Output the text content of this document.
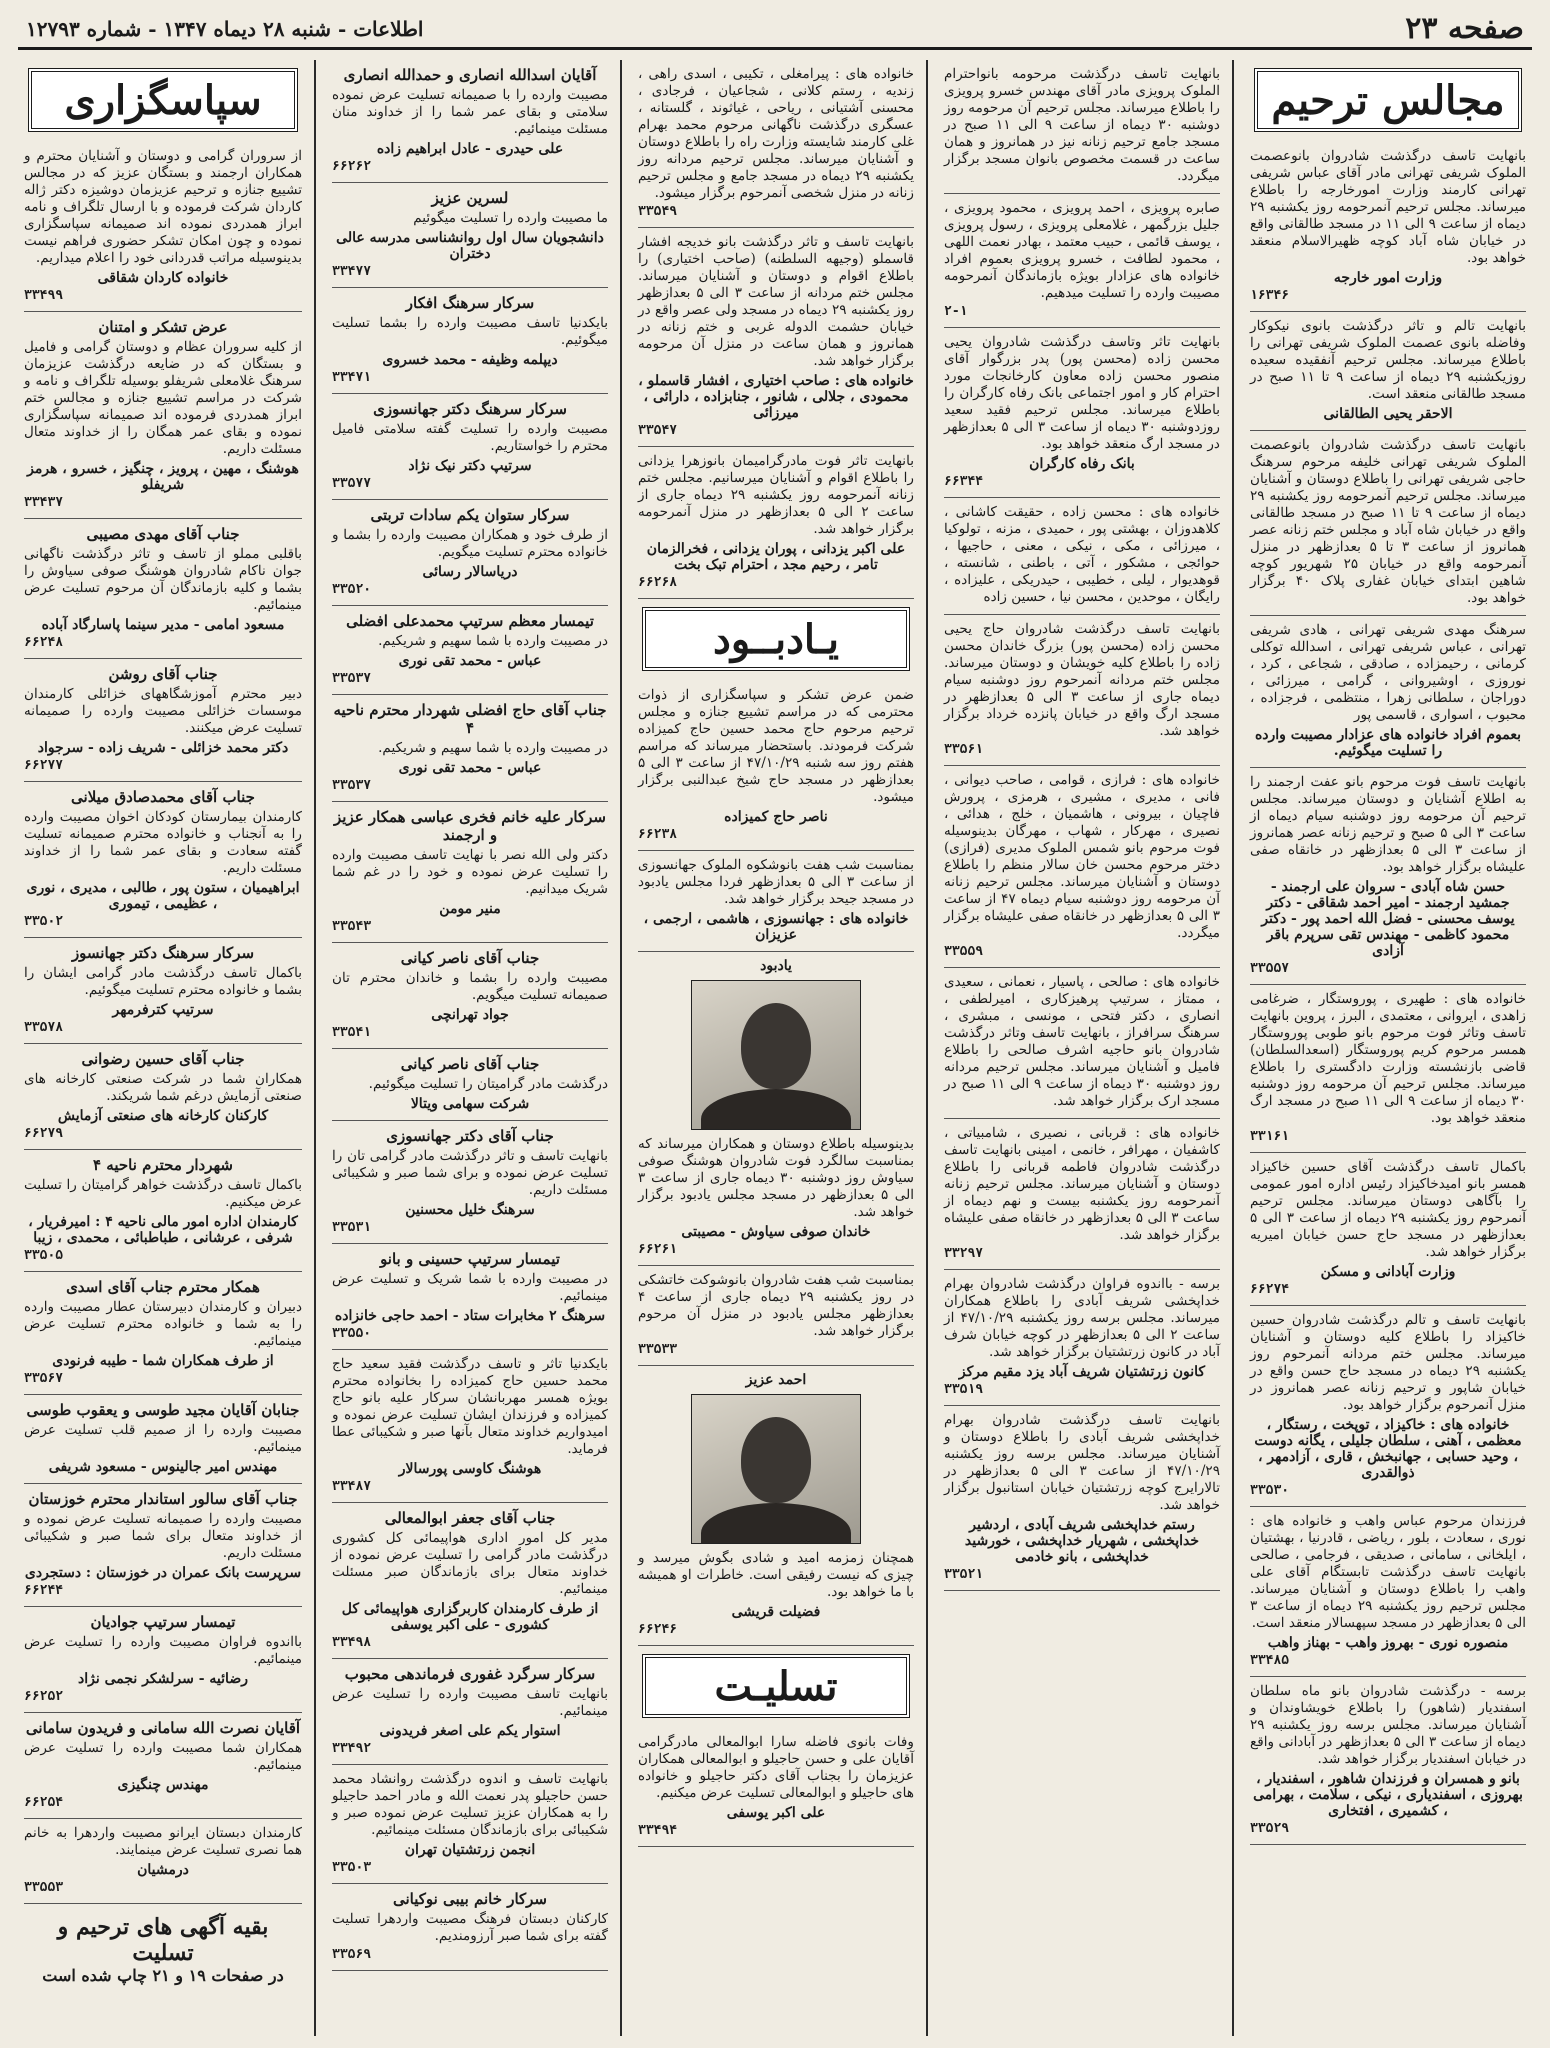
صفحه ۲۳
اطلاعات - شنبه ۲۸ دیماه ۱۳۴۷ - شماره ۱۲۷۹۳
مجالس ترحیم

بانهایت تاسف درگذشت شادروان بانوعصمت الملوک شریفی تهرانی مادر آقای عباس شریفی تهرانی کارمند وزارت امورخارجه را باطلاع میرساند. مجلس ترحیم آنمرحومه روز یکشنبه ۲۹ دیماه از ساعت ۹ الی ۱۱ در مسجد طالقانی واقع در خیابان شاه آباد کوچه ظهیرالاسلام منعقد خواهد بود.

وزارت امور خارجه
۱۶۳۴۶

بانهایت تالم و تاثر درگذشت بانوی نیکوکار وفاضله بانوی عصمت الملوک شریفی تهرانی را باطلاع میرساند. مجلس ترحیم آنفقیده سعیده روزیکشنبه ۲۹ دیماه از ساعت ۹ تا ۱۱ صبح در مسجد طالقانی منعقد است.

الاحقر یحیی الطالقانی

بانهایت تاسف درگذشت شادروان بانوعصمت الملوک شریفی تهرانی خلیفه مرحوم سرهنگ حاجی شریفی تهرانی را باطلاع دوستان و آشنایان میرساند. مجلس ترحیم آنمرحومه روز یکشنبه ۲۹ دیماه از ساعت ۹ تا ۱۱ صبح در مسجد طالقانی واقع در خیابان شاه آباد و مجلس ختم زنانه عصر همانروز از ساعت ۳ تا ۵ بعدازظهر در منزل آنمرحومه واقع در خیابان ۲۵ شهریور کوچه شاهین ابتدای خیابان غفاری پلاک ۴۰ برگزار خواهد بود.

سرهنگ مهدی شریفی تهرانی ، هادی شریفی تهرانی ، عباس شریفی تهرانی ، اسدالله توکلی کرمانی ، رحیمزاده ، صادقی ، شجاعی ، کرد ، نوروزی ، اوشیروانی ، گرامی ، میرزائی ، دوراجان ، سلطانی زهرا ، منتظمی ، فرجزاده ، محبوب ، اسواری ، قاسمی پور

بعموم افراد خانواده های عزادار مصیبت وارده را تسلیت میگوئیم.

بانهایت تاسف فوت مرحوم بانو عفت ارجمند را به اطلاع آشنایان و دوستان میرساند. مجلس ترحیم آن مرحومه روز دوشنبه سیام دیماه از ساعت ۳ الی ۵ صبح و ترحیم زنانه عصر همانروز از ساعت ۳ الی ۵ بعدازظهر در خانقاه صفی علیشاه برگزار خواهد بود.

حسن شاه آبادی - سروان علی ارجمند - جمشید ارجمند - امیر احمد شقاقی - دکتر یوسف محسنی - فضل الله احمد پور - دکتر محمود کاظمی - مهندس تقی سرپرم باقر آزادی
۳۳۵۵۷

خانواده های : طهیری ، پوروستگار ، ضرغامی زاهدی ، ایروانی ، معتمدی ، البرز ، پروین بانهایت تاسف وتاثر فوت مرحوم بانو طوبی پوروستگار همسر مرحوم کریم پوروستگار (اسعدالسلطان) قاضی بازنشسته وزارت دادگستری را باطلاع میرساند. مجلس ترحیم آن مرحومه روز دوشنبه ۳۰ دیماه از ساعت ۹ الی ۱۱ صبح در مسجد ارگ منعقد خواهد بود.

۳۳۱۶۱

باکمال تاسف درگذشت آقای حسین خاکیزاد همسر بانو امیدخاکیزاد رئیس اداره امور عمومی را بآگاهی دوستان میرساند. مجلس ترحیم آنمرحوم روز یکشنبه ۲۹ دیماه از ساعت ۳ الی ۵ بعدازظهر در مسجد حاج حسن خیابان امیریه برگزار خواهد شد.

وزارت آبادانی و مسکن
۶۶۲۷۴

بانهایت تاسف و تالم درگذشت شادروان حسین خاکیزاد را باطلاع کلیه دوستان و آشنایان میرساند. مجلس ختم مردانه آنمرحوم روز یکشنبه ۲۹ دیماه در مسجد حاج حسن واقع در خیابان شاپور و ترحیم زنانه عصر همانروز در منزل آنمرحوم برگزار خواهد بود.

خانواده های : خاکیزاد ، توپخت ، رستگار ، معظمی ، آهنی ، سلطان جلیلی ، یگانه دوست ، وحید حسابی ، جهانبخش ، قاری ، آزادمهر ، ذوالقدری
۳۳۵۳۰

فرزندان مرحوم عباس واهب و خانواده های : نوری ، سعادت ، بلور ، ریاضی ، قادرنیا ، بهشتیان ، ایلخانی ، سامانی ، صدیقی ، فرجامی ، صالحی بانهایت تاسف درگذشت تابستگام آقای علی واهب را باطلاع دوستان و آشنایان میرساند. مجلس ترحیم روز یکشنبه ۲۹ دیماه از ساعت ۳ الی ۵ بعدازظهر در مسجد سپهسالار منعقد است.

منصوره نوری - بهروز واهب - بهناز واهب
۳۳۴۸۵

برسه - درگذشت شادروان بانو ماه سلطان اسفندیار (شاهور) را باطلاع خویشاوندان و آشنایان میرساند. مجلس برسه روز یکشنبه ۲۹ دیماه از ساعت ۳ الی ۵ بعدازظهر در آبادانی واقع در خیابان اسفندیار برگزار خواهد شد.

بانو و همسران و فرزندان شاهور ، اسفندیار ، بهروزی ، اسفندیاری ، نیکی ، سلامت ، بهرامی ، کشمیری ، افتخاری
۳۳۵۲۹

بانهایت تاسف درگذشت مرحومه بانواحترام الملوک پرویزی مادر آقای مهندس خسرو پرویزی را باطلاع میرساند. مجلس ترحیم آن مرحومه روز دوشنبه ۳۰ دیماه از ساعت ۹ الی ۱۱ صبح در مسجد جامع ترحیم زنانه نیز در همانروز و همان ساعت در قسمت مخصوص بانوان مسجد برگزار میگردد.

صابره پرویزی ، احمد پرویزی ، محمود پرویزی ، جلیل بزرگمهر ، غلامعلی پرویزی ، رسول پرویزی ، یوسف قائمی ، حبیب معتمد ، بهادر نعمت اللهی ، محمود لطافت ، خسرو پرویزی بعموم افراد خانواده های عزادار بویژه بازماندگان آنمرحومه مصیبت وارده را تسلیت میدهیم.

۲-۱

بانهایت تاثر وتاسف درگذشت شادروان یحیی محسن زاده (محسن پور) پدر بزرگوار آقای منصور محسن زاده معاون کارخانجات مورد احترام کار و امور اجتماعی بانک رفاه کارگران را باطلاع میرساند. مجلس ترحیم فقید سعید روزدوشنبه ۳۰ دیماه از ساعت ۳ الی ۵ بعدازظهر در مسجد ارگ منعقد خواهد بود.

بانک رفاه کارگران
۶۶۳۴۴

خانواده های : محسن زاده ، حقیقت کاشانی ، کلاهدوزان ، بهشتی پور ، حمیدی ، مزنه ، تولوکیا ، میرزائی ، مکی ، نیکی ، معنی ، حاجیها ، حوائجی ، مشکور ، آتی ، باطنی ، شانسته ، قوهدیوار ، لیلی ، خطیبی ، حیدریکی ، علیزاده ، رایگان ، موحدین ، محسن نیا ، حسین زاده

بانهایت تاسف درگذشت شادروان حاج یحیی محسن زاده (محسن پور) بزرگ خاندان محسن زاده را باطلاع کلیه خویشان و دوستان میرساند. مجلس ختم مردانه آنمرحوم روز دوشنبه سیام دیماه جاری از ساعت ۳ الی ۵ بعدازظهر در مسجد ارگ واقع در خیابان پانزده خرداد برگزار خواهد شد.

۳۳۵۶۱

خانواده های : فرازی ، قوامی ، صاحب دیوانی ، فانی ، مدیری ، مشیری ، هرمزی ، پرورش فاچیان ، بیرونی ، هاشمیان ، خلج ، هدائی ، نصیری ، مهرکار ، شهاب ، مهرگان بدینوسیله فوت مرحوم بانو شمس الملوک مدیری (فرازی) دختر مرحوم محسن خان سالار منظم را باطلاع دوستان و آشنایان میرساند. مجلس ترحیم زنانه آن مرحومه روز دوشنبه سیام دیماه ۴۷ از ساعت ۳ الی ۵ بعدازظهر در خانقاه صفی علیشاه برگزار میگردد.

۳۳۵۵۹

خانواده های : صالحی ، پاسیار ، نعمانی ، سعیدی ، ممتاز ، سرتیپ پرهیزکاری ، امیرلطفی ، انصاری ، دکتر فتحی ، مونسی ، مبشری ، سرهنگ سرافراز ، بانهایت تاسف وتاثر درگذشت شادروان بانو حاجیه اشرف صالحی را باطلاع فامیل و آشنایان میرساند. مجلس ترحیم مردانه روز دوشنبه ۳۰ دیماه از ساعت ۹ الی ۱۱ صبح در مسجد ارک برگزار خواهد شد.

خانواده های : قربانی ، نصیری ، شامبیاتی ، کاشفیان ، مهرافر ، خانمی ، امینی بانهایت تاسف درگذشت شادروان فاطمه قربانی را باطلاع دوستان و آشنایان میرساند. مجلس ترحیم زنانه آنمرحومه روز یکشنبه بیست و نهم دیماه از ساعت ۳ الی ۵ بعدازظهر در خانقاه صفی علیشاه برگزار خواهد شد.

۳۳۲۹۷

برسه - بااندوه فراوان درگذشت شادروان بهرام خداپخشی شریف آبادی را باطلاع همکاران میرساند. مجلس برسه روز یکشنبه ۴۷/۱۰/۲۹ از ساعت ۲ الی ۵ بعدازظهر در کوچه خیابان شرف آباد در کانون زرتشتیان برگزار خواهد شد.

کانون زرتشتیان شریف آباد یزد مقیم مرکز
۳۳۵۱۹

بانهایت تاسف درگذشت شادروان بهرام خداپخشی شریف آبادی را باطلاع دوستان و آشنایان میرساند. مجلس برسه روز یکشنبه ۴۷/۱۰/۲۹ از ساعت ۳ الی ۵ بعدازظهر در تالارایرج کوچه زرتشتیان خیابان استانبول برگزار خواهد شد.

رستم خداپخشی شریف آبادی ، اردشیر خداپخشی ، شهریار خداپخشی ، خورشید خداپخشی ، بانو خادمی
۳۳۵۲۱

خانواده های : پیرامغلی ، تکیبی ، اسدی راهی ، زندیه ، رستم کلانی ، شجاعیان ، فرجادی ، محسنی آشتیانی ، ریاحی ، غیاثوند ، گلستانه ، عسگری درگذشت ناگهانی مرحوم محمد بهرام غلی کارمند شایسته وزارت راه را باطلاع دوستان و آشنایان میرساند. مجلس ترحیم مردانه روز یکشنبه ۲۹ دیماه در مسجد جامع و مجلس ترحیم زنانه در منزل شخصی آنمرحوم برگزار میشود.

۳۳۵۴۹

بانهایت تاسف و تاثر درگذشت بانو خدیجه افشار قاسملو (وجیهه السلطنه) (صاحب اختیاری) را باطلاع اقوام و دوستان و آشنایان میرساند. مجلس ختم مردانه از ساعت ۳ الی ۵ بعدازظهر روز یکشنبه ۲۹ دیماه در مسجد ولی عصر واقع در خیابان حشمت الدوله غربی و ختم زنانه در همانروز و همان ساعت در منزل آن مرحومه برگزار خواهد شد.

خانواده های : صاحب اختیاری ، افشار قاسملو ، محمودی ، جلالی ، شانور ، جنابزاده ، دارائی ، میرزائی
۳۳۵۴۷

بانهایت تاثر فوت مادرگرامیمان بانوزهرا یزدانی را باطلاع اقوام و آشنایان میرسانیم. مجلس ختم زنانه آنمرحومه روز یکشنبه ۲۹ دیماه جاری از ساعت ۲ الی ۵ بعدازظهر در منزل آنمرحومه برگزار خواهد شد.

علی اکبر یزدانی ، پوران یزدانی ، فخرالزمان تامر ، رحیم مجد ، احترام تبک بخت
۶۶۲۶۸
یـادبــود

ضمن عرض تشکر و سپاسگزاری از ذوات محترمی که در مراسم تشییع جنازه و مجلس ترحیم مرحوم حاج محمد حسین حاج کمیزاده شرکت فرمودند. باستحضار میرساند که مراسم هفتم روز سه شنبه ۴۷/۱۰/۲۹ از ساعت ۳ الی ۵ بعدازظهر در مسجد حاج شیخ عبدالنبی برگزار میشود.

ناصر حاج کمیزاده
۶۶۲۳۸

بمناسبت شب هفت بانوشکوه الملوک جهانسوزی از ساعت ۳ الی ۵ بعدازظهر فردا مجلس یادبود در مسجد جیحد برگزار خواهد شد.

خانواده های : جهانسوزی ، هاشمی ، ارجمی ، عزیزان
یادبود

بدینوسیله باطلاع دوستان و همکاران میرساند که بمناسبت سالگرد فوت شادروان هوشنگ صوفی سیاوش روز دوشنبه ۳۰ دیماه جاری از ساعت ۳ الی ۵ بعدازظهر در مسجد مجلس یادبود برگزار خواهد شد.

خاندان صوفی سیاوش - مصیبتی
۶۶۲۶۱

بمناسبت شب هفت شادروان بانوشوکت خاتشکی در روز یکشنبه ۲۹ دیماه جاری از ساعت ۴ بعدازظهر مجلس یادبود در منزل آن مرحوم برگزار خواهد شد.

۳۳۵۳۳
احمد عزیز

همچنان زمزمه امید و شادی بگوش میرسد و چیزی که نیست رفیقی است. خاطرات او همیشه با ما خواهد بود.

فضیلت قریشی
۶۶۲۴۶
تسلیـت

وفات بانوی فاضله سارا ابوالمعالی مادرگرامی آقایان علی و حسن حاجیلو و ابوالمعالی همکاران عزیزمان را بجناب آقای دکتر حاجیلو و خانواده های حاجیلو و ابوالمعالی تسلیت عرض میکنیم.

علی اکبر یوسفی
۳۳۴۹۴
آقایان اسدالله انصاری و حمدالله انصاری

مصیبت وارده را با صمیمانه تسلیت عرض نموده سلامتی و بقای عمر شما را از خداوند منان مسئلت مینمائیم.

علی حیدری - عادل ابراهیم زاده
۶۶۲۶۲
لسرین عزیز

ما مصیبت وارده را تسلیت میگوئیم

دانشجویان سال اول روانشناسی مدرسه عالی دختران
۳۳۴۷۷
سرکار سرهنگ افکار

بایکدنیا تاسف مصیبت وارده را بشما تسلیت میگوئیم.

دیپلمه وظیفه - محمد خسروی
۳۳۴۷۱
سرکار سرهنگ دکتر جهانسوزی

مصیبت وارده را تسلیت گفته سلامتی فامیل محترم را خواستاریم.

سرتیپ دکتر نیک نژاد
۳۳۵۷۷
سرکار ستوان یکم سادات تربتی

از طرف خود و همکاران مصیبت وارده را بشما و خانواده محترم تسلیت میگویم.

دریاسالار رسائی
۳۳۵۲۰
تیمسار معظم سرتیپ محمدعلی افضلی

در مصیبت وارده با شما سهیم و شریکیم.

عباس - محمد تقی نوری
۳۳۵۳۷
جناب آقای حاج افضلی شهردار محترم ناحیه ۴

در مصیبت وارده با شما سهیم و شریکیم.

عباس - محمد تقی نوری
۳۳۵۳۷
سرکار علیه خانم فخری عباسی همکار عزیز و ارجمند

دکتر ولی الله نصر با نهایت تاسف مصیبت وارده را تسلیت عرض نموده و خود را در غم شما شریک میدانیم.

منیر مومن
۳۳۵۴۳
جناب آقای ناصر کیانی

مصیبت وارده را بشما و خاندان محترم تان صمیمانه تسلیت میگویم.

جواد تهرانچی
۳۳۵۴۱
جناب آقای ناصر کیانی

درگذشت مادر گرامیتان را تسلیت میگوئیم.

شرکت سهامی ویتالا
جناب آقای دکتر جهانسوزی

بانهایت تاسف و تاثر درگذشت مادر گرامی تان را تسلیت عرض نموده و برای شما صبر و شکیبائی مسئلت داریم.

سرهنگ خلیل محسنین
۳۳۵۳۱
تیمسار سرتیپ حسینی و بانو

در مصیبت وارده با شما شریک و تسلیت عرض مینمائیم.

سرهنگ ۲ مخابرات ستاد - احمد حاجی خانزاده
۳۳۵۵۰

بایکدنیا تاثر و تاسف درگذشت فقید سعید حاج محمد حسین حاج کمیزاده را بخانواده محترم بویژه همسر مهربانشان سرکار علیه بانو حاج کمیزاده و فرزندان ایشان تسلیت عرض نموده و امیدواریم خداوند متعال بآنها صبر و شکیبائی عطا فرماید.

هوشنگ کاوسی پورسالار
۳۳۴۸۷
جناب آقای جعفر ابوالمعالی

مدیر کل امور اداری هواپیمائی کل کشوری درگذشت مادر گرامی را تسلیت عرض نموده از خداوند متعال برای بازماندگان صبر مسئلت مینمائیم.

از طرف کارمندان کاربرگزاری هواپیمائی کل کشوری - علی اکبر یوسفی
۳۳۴۹۸
سرکار سرگرد غفوری فرماندهی محبوب

بانهایت تاسف مصیبت وارده را تسلیت عرض مینمائیم.

استوار یکم علی اصغر فریدونی
۳۳۴۹۲

بانهایت تاسف و اندوه درگذشت روانشاد محمد حسن حاجیلو پدر نعمت الله و مادر احمد حاجیلو را به همکاران عزیز تسلیت عرض نموده صبر و شکیبائی برای بازماندگان مسئلت مینمائیم.

انجمن زرتشتیان تهران
۳۳۵۰۳
سرکار خانم بیبی نوکیانی

کارکنان دبستان فرهنگ مصیبت واردهرا تسلیت گفته برای شما صبر آرزومندیم.

۳۳۵۶۹
سپاسگزاری

از سروران گرامی و دوستان و آشنایان محترم و همکاران ارجمند و بستگان عزیز که در مجالس تشییع جنازه و ترحیم عزیزمان دوشیزه دکتر ژاله کاردان شرکت فرموده و با ارسال تلگراف و نامه ابراز همدردی نموده اند صمیمانه سپاسگزاری نموده و چون امکان تشکر حضوری فراهم نیست بدینوسیله مراتب قدردانی خود را اعلام میداریم.

خانواده کاردان شقاقی
۳۳۴۹۹
عرض تشکر و امتنان

از کلیه سروران عظام و دوستان گرامی و فامیل و بستگان که در ضایعه درگذشت عزیزمان سرهنگ غلامعلی شریفلو بوسیله تلگراف و نامه و شرکت در مراسم تشییع جنازه و مجالس ختم ابراز همدردی فرموده اند صمیمانه سپاسگزاری نموده و بقای عمر همگان را از خداوند متعال مسئلت داریم.

هوشنگ ، مهین ، پرویز ، چنگیز ، خسرو ، هرمز شریفلو
۳۳۴۳۷
جناب آقای مهدی مصیبی

باقلبی مملو از تاسف و تاثر درگذشت ناگهانی جوان ناکام شادروان هوشنگ صوفی سیاوش را بشما و کلیه بازماندگان آن مرحوم تسلیت عرض مینمائیم.

مسعود امامی - مدیر سینما پاسارگاد آباده
۶۶۲۴۸
جناب آقای روشن

دبیر محترم آموزشگاههای خزائلی کارمندان موسسات خزائلی مصیبت وارده را صمیمانه تسلیت عرض میکنند.

دکتر محمد خزائلی - شریف زاده - سرجواد
۶۶۲۷۷
جناب آقای محمدصادق میلانی

کارمندان بیمارستان کودکان اخوان مصیبت وارده را به آنجناب و خانواده محترم صمیمانه تسلیت گفته سعادت و بقای عمر شما را از خداوند مسئلت داریم.

ابراهیمیان ، ستون پور ، طالبی ، مدیری ، نوری ، عظیمی ، تیموری
۳۳۵۰۲
سرکار سرهنگ دکتر جهانسوز

باکمال تاسف درگذشت مادر گرامی ایشان را بشما و خانواده محترم تسلیت میگوئیم.

سرتیپ کترفرمهر
۳۳۵۷۸
جناب آقای حسین رضوانی

همکاران شما در شرکت صنعتی کارخانه های صنعتی آزمایش درغم شما شریکند.

کارکنان کارخانه های صنعتی آزمایش
۶۶۲۷۹
شهردار محترم ناحیه ۴

باکمال تاسف درگذشت خواهر گرامیتان را تسلیت عرض میکنیم.

کارمندان اداره امور مالی ناحیه ۴ : امیرفریار ، شرفی ، عرشانی ، طباطبائی ، محمدی ، زیبا
۳۳۵۰۵
همکار محترم جناب آقای اسدی

دبیران و کارمندان دبیرستان عطار مصیبت وارده را به شما و خانواده محترم تسلیت عرض مینمائیم.

از طرف همکاران شما - طیبه فرنودی
۳۳۵۶۷
جنابان آقایان مجید طوسی و یعقوب طوسی

مصیبت وارده را از صمیم قلب تسلیت عرض مینمائیم.

مهندس امیر جالینوس - مسعود شریفی
جناب آقای سالور استاندار محترم خوزستان

مصیبت وارده را صمیمانه تسلیت عرض نموده و از خداوند متعال برای شما صبر و شکیبائی مسئلت داریم.

سرپرست بانک عمران در خوزستان : دستجردی
۶۶۲۴۴
تیمسار سرتیپ جوادیان

بااندوه فراوان مصیبت وارده را تسلیت عرض مینمائیم.

رضائیه - سرلشکر نجمی نژاد
۶۶۲۵۲
آقایان نصرت الله سامانی و فریدون سامانی

همکاران شما مصیبت وارده را تسلیت عرض مینمائیم.

مهندس چنگیزی
۶۶۲۵۴

کارمندان دبستان ایرانو مصیبت واردهرا به خانم هما نصری تسلیت عرض مینمایند.

درمشیان
۳۳۵۵۳
بقیه آگهی های ترحیم و تسلیت
در صفحات ۱۹ و ۲۱ چاپ شده است
